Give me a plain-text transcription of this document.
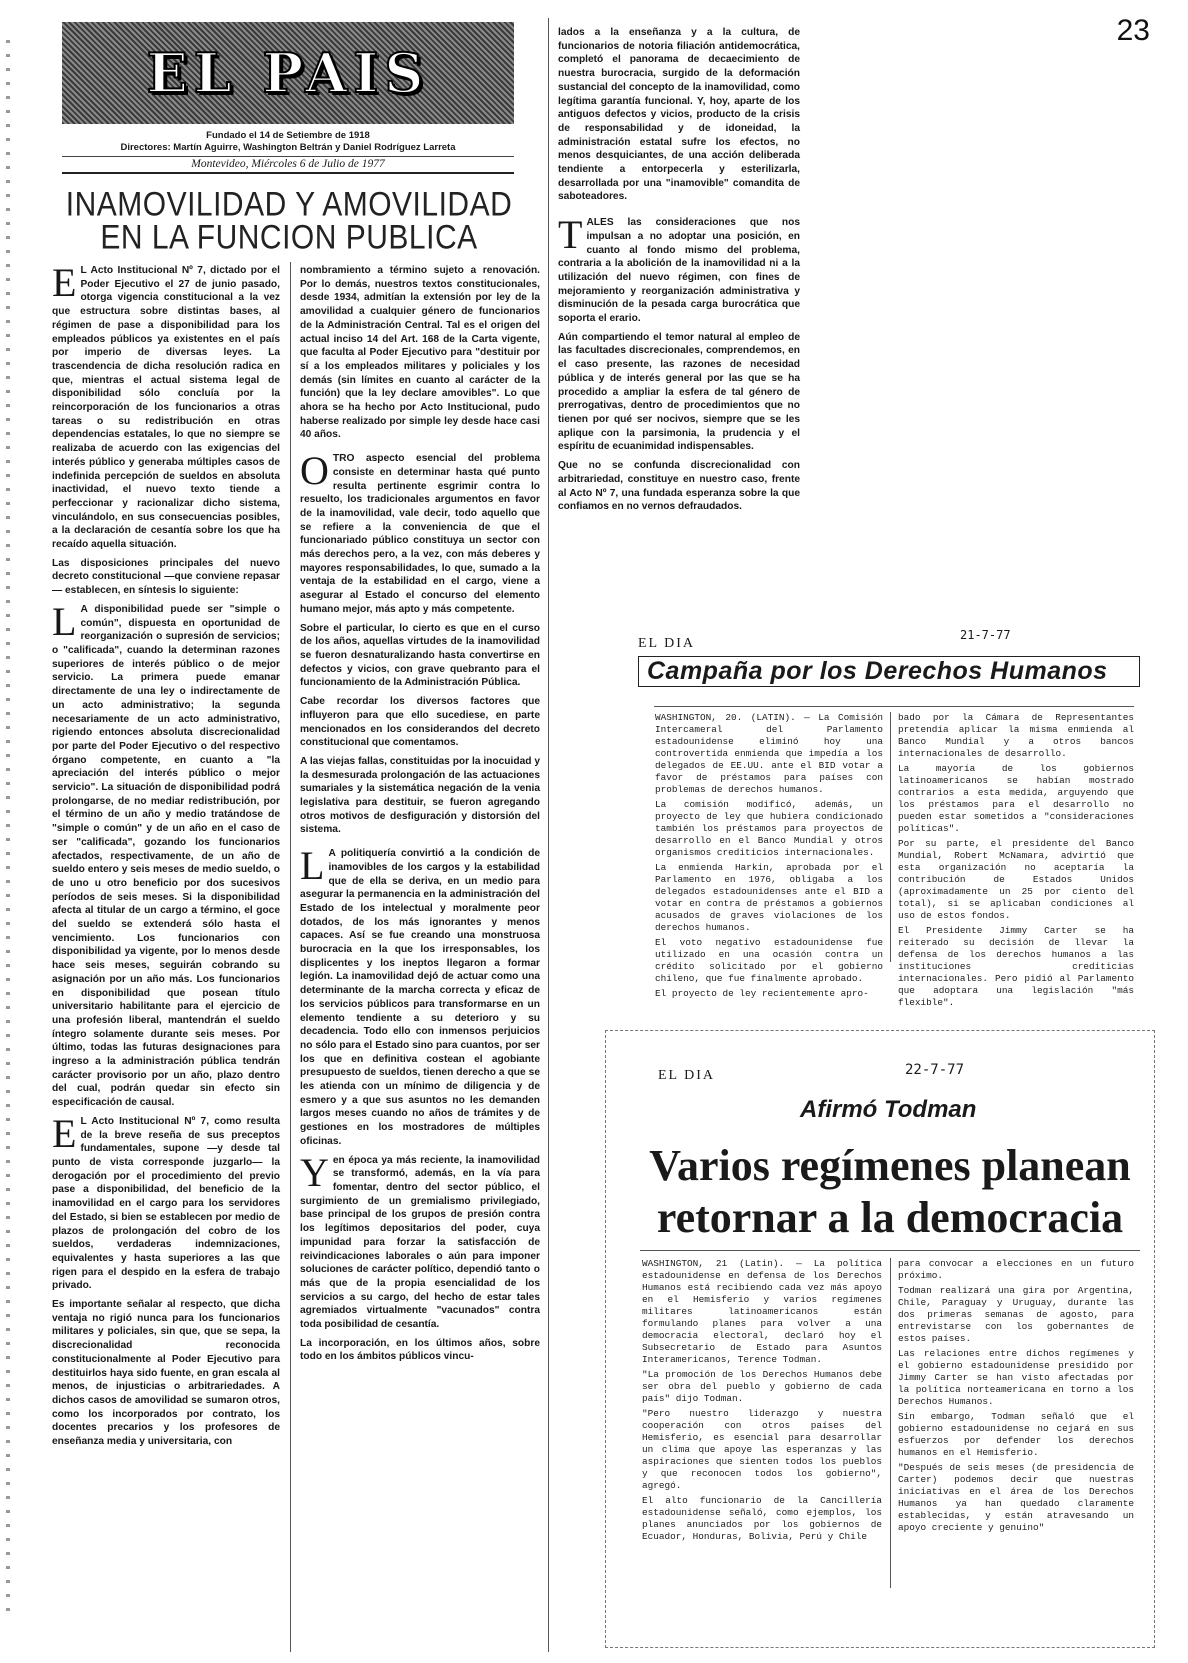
23
EL PAIS
Fundado el 14 de Setiembre de 1918
Directores: Martín Aguirre, Washington Beltrán y Daniel Rodríguez Larreta
Montevideo, Miércoles 6 de Julio de 1977
INAMOVILIDAD Y AMOVILIDAD
EN LA FUNCION PUBLICA

E L Acto Institucional Nº 7, dictado por el Poder Ejecutivo el 27 de junio pasado, otorga vigencia constitucional a la vez que estructura sobre distintas bases, al régimen de pase a disponibilidad para los empleados públicos ya existentes en el país por imperio de diversas leyes. La trascendencia de dicha resolución radica en que, mientras el actual sistema legal de disponibilidad sólo concluía por la reincorporación de los funcionarios a otras tareas o su redistribución en otras dependencias estatales, lo que no siempre se realizaba de acuerdo con las exigencias del interés público y generaba múltiples casos de indefinida percepción de sueldos en absoluta inactividad, el nuevo texto tiende a perfeccionar y racionalizar dicho sistema, vinculándolo, en sus consecuencias posibles, a la declaración de cesantía sobre los que ha recaído aquella situación.

Las disposiciones principales del nuevo decreto constitucional —que conviene repasar— establecen, en síntesis lo siguiente:

L A disponibilidad puede ser "simple o común", dispuesta en oportunidad de reorganización o supresión de servicios; o "calificada", cuando la determinan razones superiores de interés público o de mejor servicio. La primera puede emanar directamente de una ley o indirectamente de un acto administrativo; la segunda necesariamente de un acto administrativo, rigiendo entonces absoluta discrecionalidad por parte del Poder Ejecutivo o del respectivo órgano competente, en cuanto a "la apreciación del interés público o mejor servicio". La situación de disponibilidad podrá prolongarse, de no mediar redistribución, por el término de un año y medio tratándose de "simple o común" y de un año en el caso de ser "calificada", gozando los funcionarios afectados, respectivamente, de un año de sueldo entero y seis meses de medio sueldo, o de uno u otro beneficio por dos sucesivos períodos de seis meses. Si la disponibilidad afecta al titular de un cargo a término, el goce del sueldo se extenderá sólo hasta el vencimiento. Los funcionarios con disponibilidad ya vigente, por lo menos desde hace seis meses, seguirán cobrando su asignación por un año más. Los funcionarios en disponibilidad que posean título universitario habilitante para el ejercicio de una profesión liberal, mantendrán el sueldo íntegro solamente durante seis meses. Por último, todas las futuras designaciones para ingreso a la administración pública tendrán carácter provisorio por un año, plazo dentro del cual, podrán quedar sin efecto sin especificación de causal.

E L Acto Institucional Nº 7, como resulta de la breve reseña de sus preceptos fundamentales, supone —y desde tal punto de vista corresponde juzgarlo— la derogación por el procedimiento del previo pase a disponibilidad, del beneficio de la inamovilidad en el cargo para los servidores del Estado, si bien se establecen por medio de plazos de prolongación del cobro de los sueldos, verdaderas indemnizaciones, equivalentes y hasta superiores a las que rigen para el despido en la esfera de trabajo privado.

Es importante señalar al respecto, que dicha ventaja no rigió nunca para los funcionarios militares y policiales, sin que, que se sepa, la discrecionalidad reconocida constitucionalmente al Poder Ejecutivo para destituirlos haya sido fuente, en gran escala al menos, de injusticias o arbitrariedades. A dichos casos de amovilidad se sumaron otros, como los incorporados por contrato, los docentes precarios y los profesores de enseñanza media y universitaria, con

nombramiento a término sujeto a renovación. Por lo demás, nuestros textos constitucionales, desde 1934, admitían la extensión por ley de la amovilidad a cualquier género de funcionarios de la Administración Central. Tal es el origen del actual inciso 14 del Art. 168 de la Carta vigente, que faculta al Poder Ejecutivo para "destituir por sí a los empleados militares y policiales y los demás (sin límites en cuanto al carácter de la función) que la ley declare amovibles". Lo que ahora se ha hecho por Acto Institucional, pudo haberse realizado por simple ley desde hace casi 40 años.

OTRO aspecto esencial del problema consiste en determinar hasta qué punto resulta pertinente esgrimir contra lo resuelto, los tradicionales argumentos en favor de la inamovilidad, vale decir, todo aquello que se refiere a la conveniencia de que el funcionariado público constituya un sector con más derechos pero, a la vez, con más deberes y mayores responsabilidades, lo que, sumado a la ventaja de la estabilidad en el cargo, viene a asegurar al Estado el concurso del elemento humano mejor, más apto y más competente.

Sobre el particular, lo cierto es que en el curso de los años, aquellas virtudes de la inamovilidad se fueron desnaturalizando hasta convertirse en defectos y vicios, con grave quebranto para el funcionamiento de la Administración Pública.

Cabe recordar los diversos factores que influyeron para que ello sucediese, en parte mencionados en los considerandos del decreto constitucional que comentamos.

A las viejas fallas, constituidas por la inocuidad y la desmesurada prolongación de las actuaciones sumariales y la sistemática negación de la venia legislativa para destituir, se fueron agregando otros motivos de desfiguración y distorsión del sistema.

L A politiquería convirtió a la condición de inamovibles de los cargos y la estabilidad que de ella se deriva, en un medio para asegurar la permanencia en la administración del Estado de los intelectual y moralmente peor dotados, de los más ignorantes y menos capaces. Así se fue creando una monstruosa burocracia en la que los irresponsables, los displicentes y los ineptos llegaron a formar legión. La inamovilidad dejó de actuar como una determinante de la marcha correcta y eficaz de los servicios públicos para transformarse en un elemento tendiente a su deterioro y su decadencia. Todo ello con inmensos perjuicios no sólo para el Estado sino para cuantos, por ser los que en definitiva costean el agobiante presupuesto de sueldos, tienen derecho a que se les atienda con un mínimo de diligencia y de esmero y a que sus asuntos no les demanden largos meses cuando no años de trámites y de gestiones en los mostradores de múltiples oficinas.

Yen época ya más reciente, la inamovilidad se transformó, además, en la vía para fomentar, dentro del sector público, el surgimiento de un gremialismo privilegiado, base principal de los grupos de presión contra los legítimos depositarios del poder, cuya impunidad para forzar la satisfacción de reivindicaciones laborales o aún para imponer soluciones de carácter político, dependió tanto o más que de la propia esencialidad de los servicios a su cargo, del hecho de estar tales agremiados virtualmente "vacunados" contra toda posibilidad de cesantía.

La incorporación, en los últimos años, sobre todo en los ámbitos públicos vincu-

lados a la enseñanza y a la cultura, de funcionarios de notoria filiación antidemocrática, completó el panorama de decaecimiento de nuestra burocracia, surgido de la deformación sustancial del concepto de la inamovilidad, como legítima garantía funcional. Y, hoy, aparte de los antiguos defectos y vicios, producto de la crisis de responsabilidad y de idoneidad, la administración estatal sufre los efectos, no menos desquiciantes, de una acción deliberada tendiente a entorpecerla y esterilizarla, desarrollada por una "inamovible" comandita de saboteadores.

TALES las consideraciones que nos impulsan a no adoptar una posición, en cuanto al fondo mismo del problema, contraria a la abolición de la inamovilidad ni a la utilización del nuevo régimen, con fines de mejoramiento y reorganización administrativa y disminución de la pesada carga burocrática que soporta el erario.

Aún compartiendo el temor natural al empleo de las facultades discrecionales, comprendemos, en el caso presente, las razones de necesidad pública y de interés general por las que se ha procedido a ampliar la esfera de tal género de prerrogativas, dentro de procedimientos que no tienen por qué ser nocivos, siempre que se les aplique con la parsimonia, la prudencia y el espíritu de ecuanimidad indispensables.

Que no se confunda discrecionalidad con arbitrariedad, constituye en nuestro caso, frente al Acto Nº 7, una fundada esperanza sobre la que confiamos en no vernos defraudados.

EL DIA
21-7-77
Campaña por los Derechos Humanos

WASHINGTON, 20. (LATIN). — La Comisión Intercameral del Parlamento estadounidense eliminó hoy una controvertida enmienda que impedía a los delegados de EE.UU. ante el BID votar a favor de préstamos para países con problemas de derechos humanos.

La comisión modificó, además, un proyecto de ley que hubiera condicionado también los préstamos para proyectos de desarrollo en el Banco Mundial y otros organismos crediticios internacionales.

La enmienda Harkin, aprobada por el Parlamento en 1976, obligaba a los delegados estadounidenses ante el BID a votar en contra de préstamos a gobiernos acusados de graves violaciones de los derechos humanos.

El voto negativo estadounidense fue utilizado en una ocasión contra un crédito solicitado por el gobierno chileno, que fue finalmente aprobado.

El proyecto de ley recientemente apro-

bado por la Cámara de Representantes pretendía aplicar la misma enmienda al Banco Mundial y a otros bancos internacionales de desarrollo.

La mayoría de los gobiernos latinoamericanos se habían mostrado contrarios a esta medida, arguyendo que los préstamos para el desarrollo no pueden estar sometidos a "consideraciones políticas".

Por su parte, el presidente del Banco Mundial, Robert McNamara, advirtió que esta organización no aceptaría la contribución de Estados Unidos (aproximadamente un 25 por ciento del total), si se aplicaban condiciones al uso de estos fondos.

El Presidente Jimmy Carter se ha reiterado su decisión de llevar la defensa de los derechos humanos a las instituciones crediticias internacionales. Pero pidió al Parlamento que adoptara una legislación "más flexible".

EL DIA	22-7-77
Afirmó Todman
Varios regímenes planean
retornar a la democracia

WASHINGTON, 21 (Latin). — La política estadounidense en defensa de los Derechos Humanos está recibiendo cada vez más apoyo en el Hemisferio y varios regímenes militares latinoamericanos están formulando planes para volver a una democracia electoral, declaró hoy el Subsecretario de Estado para Asuntos Interamericanos, Terence Todman.

"La promoción de los Derechos Humanos debe ser obra del pueblo y gobierno de cada país" dijo Todman.

"Pero nuestro liderazgo y nuestra cooperación con otros países del Hemisferio, es esencial para desarrollar un clima que apoye las esperanzas y las aspiraciones que sienten todos los pueblos y que reconocen todos los gobierno", agregó.

El alto funcionario de la Cancillería estadounidense señaló, como ejemplos, los planes anunciados por los gobiernos de Ecuador, Honduras, Bolivia, Perú y Chile

para convocar a elecciones en un futuro próximo.

Todman realizará una gira por Argentina, Chile, Paraguay y Uruguay, durante las dos primeras semanas de agosto, para entrevistarse con los gobernantes de estos países.

Las relaciones entre dichos regímenes y el gobierno estadounidense presidido por Jimmy Carter se han visto afectadas por la política norteamericana en torno a los Derechos Humanos.

Sin embargo, Todman señaló que el gobierno estadounidense no cejará en sus esfuerzos por defender los derechos humanos en el Hemisferio.

"Después de seis meses (de presidencia de Carter) podemos decir que nuestras iniciativas en el área de los Derechos Humanos ya han quedado claramente establecidas, y están atravesando un apoyo creciente y genuino"
